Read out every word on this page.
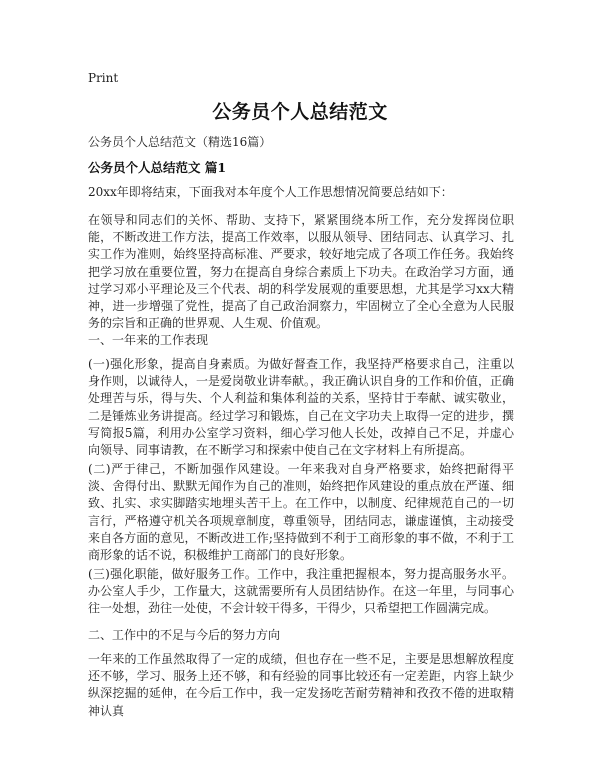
Print
公务员个人总结范文
公务员个人总结范文（精选16篇）
公务员个人总结范文 篇1

20xx年即将结束，下面我对本年度个人工作思想情况简要总结如下：

在领导和同志们的关怀、帮助、支持下，紧紧围绕本所工作，充分发挥岗位职能，不断改进工作方法，提高工作效率，以服从领导、团结同志、认真学习、扎实工作为准则，始终坚持高标准、严要求，较好地完成了各项工作任务。我始终把学习放在重要位置，努力在提高自身综合素质上下功夫。在政治学习方面，通过学习邓小平理论及三个代表、胡的科学发展观的重要思想，尤其是学习xx大精神，进一步增强了党性，提高了自己政治洞察力，牢固树立了全心全意为人民服务的宗旨和正确的世界观、人生观、价值观。

一、一年来的工作表现

(一)强化形象，提高自身素质。为做好督查工作，我坚持严格要求自己，注重以身作则，以诚待人，一是爱岗敬业讲奉献。，我正确认识自身的工作和价值，正确处理苦与乐，得与失、个人利益和集体利益的关系，坚持甘于奉献、诚实敬业，二是锤炼业务讲提高。经过学习和锻炼，自己在文字功夫上取得一定的进步，撰写简报5篇，利用办公室学习资料，细心学习他人长处，改掉自己不足，并虚心向领导、同事请教，在不断学习和探索中使自己在文字材料上有所提高。

(二)严于律己，不断加强作风建设。一年来我对自身严格要求，始终把耐得平淡、舍得付出、默默无闻作为自己的准则，始终把作风建设的重点放在严谨、细致、扎实、求实脚踏实地埋头苦干上。在工作中，以制度、纪律规范自己的一切言行，严格遵守机关各项规章制度，尊重领导，团结同志，谦虚谨慎，主动接受来自各方面的意见，不断改进工作;坚持做到不利于工商形象的事不做，不利于工商形象的话不说，积极维护工商部门的良好形象。

(三)强化职能，做好服务工作。工作中，我注重把握根本，努力提高服务水平。办公室人手少，工作量大，这就需要所有人员团结协作。在这一年里，与同事心往一处想，劲往一处使，不会计较干得多，干得少，只希望把工作圆满完成。

二、工作中的不足与今后的努力方向

一年来的工作虽然取得了一定的成绩，但也存在一些不足，主要是思想解放程度还不够，学习、服务上还不够，和有经验的同事比较还有一定差距，内容上缺少纵深挖掘的延伸，在今后工作中，我一定发扬吃苦耐劳精神和孜孜不倦的进取精神认真
